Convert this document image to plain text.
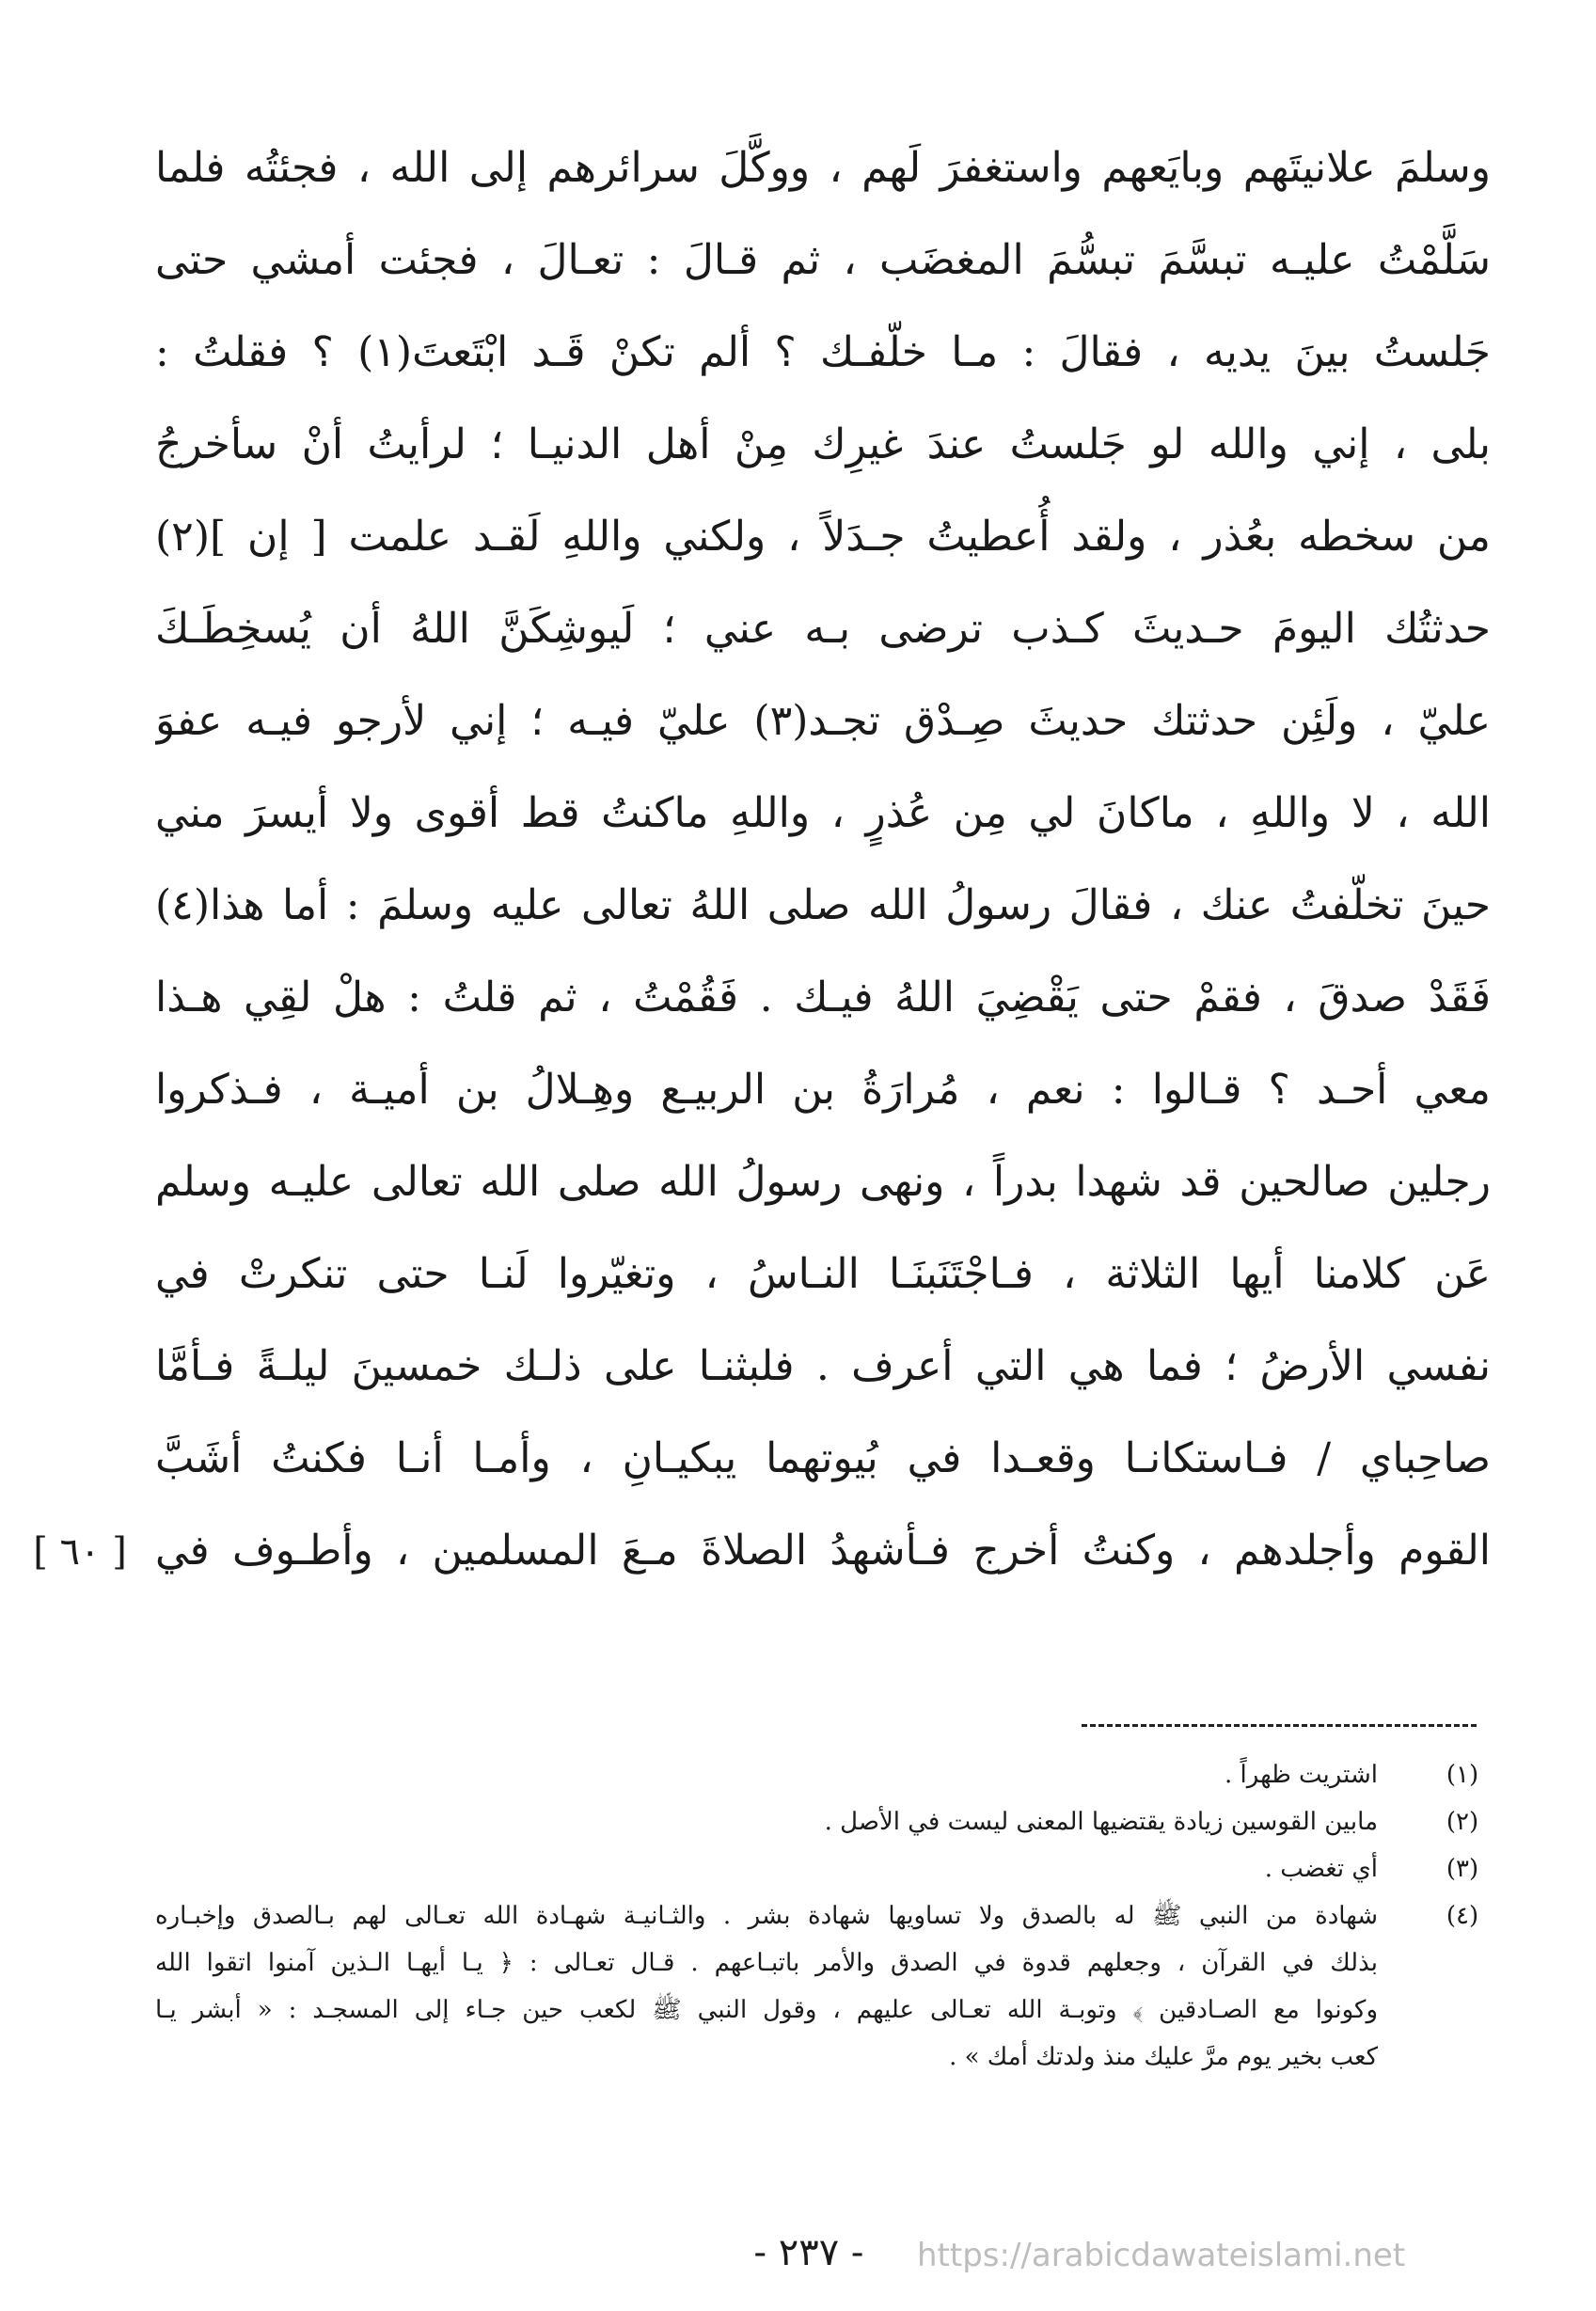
وسلمَ علانيتَهم وبايَعهم واستغفرَ لَهم ، ووكَّلَ سرائرهم إلى الله ، فجئتُه فلما
سَلَّمْتُ عليـه تبسَّمَ تبسُّمَ المغضَب ، ثم قـالَ : تعـالَ ، فجئت أمشي حتى
جَلستُ بينَ يديه ، فقالَ : مـا خلّفـك ؟ ألم تكنْ قَـد ابْتَعتَ(١) ؟ فقلتُ :
بلى ، إني والله لو جَلستُ عندَ غيرِك مِنْ أهل الدنيـا ؛ لرأيتُ أنْ سأخرجُ
من سخطه بعُذر ، ولقد أُعطيتُ جـدَلاً ، ولكني واللهِ لَقـد علمت [ إن ](٢)
حدثتُك اليومَ حـديثَ كـذب ترضى بـه عني ؛ لَيوشِكَنَّ اللهُ أن يُسخِطَـكَ
عليّ ، ولَئِن حدثتك حديثَ صِـدْق تجـد(٣) عليّ فيـه ؛ إني لأرجو فيـه عفوَ
الله ، لا واللهِ ، ماكانَ لي مِن عُذرٍ ، واللهِ ماكنتُ قط أقوى ولا أيسرَ مني
حينَ تخلّفتُ عنك ، فقالَ رسولُ الله صلى اللهُ تعالى عليه وسلمَ : أما هذا(٤)
فَقَدْ صدقَ ، فقمْ حتى يَقْضِيَ اللهُ فيـك . فَقُمْتُ ، ثم قلتُ : هلْ لقِي هـذا
معي أحـد ؟ قـالوا : نعم ، مُرارَةُ بن الربيـع وهِـلالُ بن أميـة ، فـذكروا
رجلين صالحين قد شهدا بدراً ، ونهى رسولُ الله صلى الله تعالى عليـه وسلم
عَن كلامنا أيها الثلاثة ، فـاجْتَنَبنَـا النـاسُ ، وتغيّروا لَنـا حتى تنكرتْ في
نفسي الأرضُ ؛ فما هي التي أعرف . فلبثنـا على ذلـك خمسينَ ليلـةً فـأمَّا
صاحِباي / فـاستكانـا وقعـدا في بُيوتهما يبكيـانِ ، وأمـا أنـا فكنتُ أشَبَّ
القوم وأجلدهم ، وكنتُ أخرج فـأشهدُ الصلاةَ مـعَ المسلمين ، وأطـوف في
[ ٦٠ ]
(١)
اشتريت ظهراً .
(٢)
مابين القوسين زيادة يقتضيها المعنى ليست في الأصل .
(٣)
أي تغضب .
(٤)
شهادة من النبي ﷺ له بالصدق ولا تساويها شهادة بشر . والثـانيـة شهـادة الله تعـالى لهم بـالصدق وإخبـاره
بذلك في القرآن ، وجعلهم قدوة في الصدق والأمر باتبـاعهم . قـال تعـالى : ﴿ يـا أيهـا الـذين آمنوا اتقوا الله
وكونوا مع الصـادقين ﴾ وتوبـة الله تعـالى عليهم ، وقول النبي ﷺ لكعب حين جـاء إلى المسجـد : « أبشر يـا
كعب بخير يوم مرَّ عليك منذ ولدتك أمك » .
- ٢٣٧ -	https://arabicdawateislami.net
